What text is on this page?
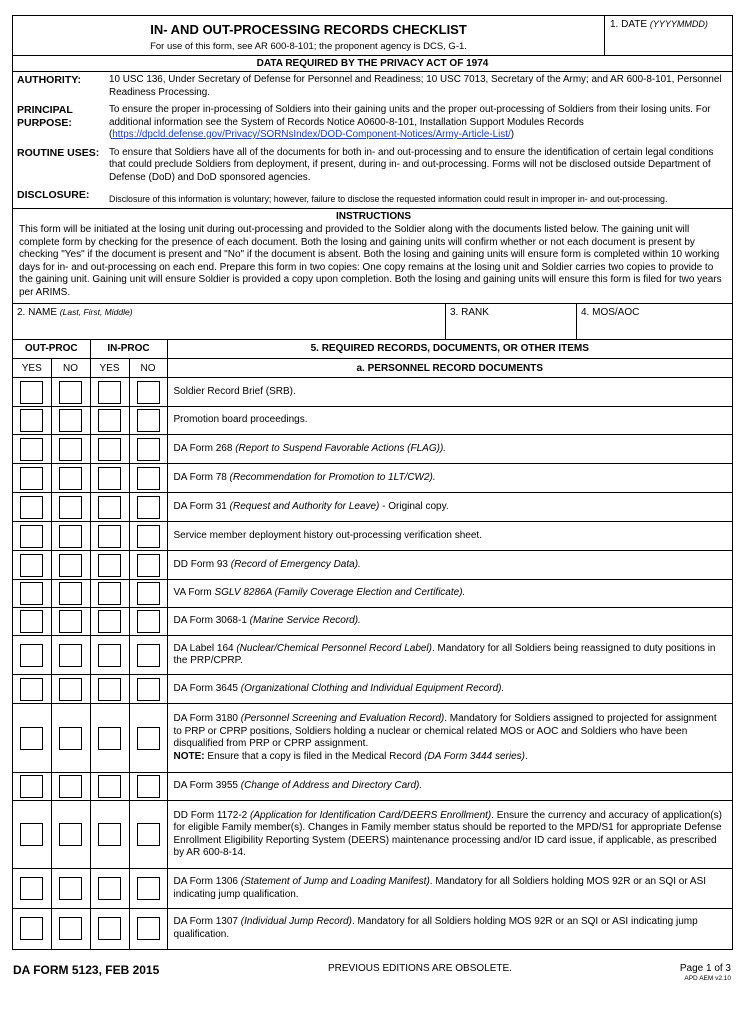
IN- AND OUT-PROCESSING RECORDS CHECKLIST
For use of this form, see AR 600-8-101; the proponent agency is DCS, G-1.
1. DATE (YYYYMMDD)
DATA REQUIRED BY THE PRIVACY ACT OF 1974
AUTHORITY:	10 USC 136, Under Secretary of Defense for Personnel and Readiness; 10 USC 7013, Secretary of the Army; and AR 600-8-101, Personnel Readiness Processing.
PRINCIPAL PURPOSE:
To ensure the proper in-processing of Soldiers into their gaining units and the proper out-processing of Soldiers from their losing units. For additional information see the System of Records Notice A0600-8-101, Installation Support Modules Records (https://dpcld.defense.gov/Privacy/SORNsIndex/DOD-Component-Notices/Army-Article-List/)
ROUTINE USES: To ensure that Soldiers have all of the documents for both in- and out-processing and to ensure the identification of certain legal conditions that could preclude Soldiers from deployment, if present, during in- and out-processing. Forms will not be disclosed outside Department of Defense (DoD) and DoD sponsored agencies.
DISCLOSURE:	Disclosure of this information is voluntary; however, failure to disclose the requested information could result in improper in- and out-processing.
INSTRUCTIONS
This form will be initiated at the losing unit during out-processing and provided to the Soldier along with the documents listed below. The gaining unit will complete form by checking for the presence of each document. Both the losing and gaining units will confirm whether or not each document is present by checking "Yes" if the document is present and "No" if the document is absent. Both the losing and gaining units will ensure form is completed within 10 working days for in- and out-processing on each end. Prepare this form in two copies: One copy remains at the losing unit and Soldier carries two copies to provide to the gaining unit. Gaining unit will ensure Soldier is provided a copy upon completion. Both the losing and gaining units will ensure this form is filed for two years per ARIMS.
2. NAME (Last, First, Middle)	3. RANK	4. MOS/AOC
OUT-PROC		IN-PROC		5. REQUIRED RECORDS, DOCUMENTS, OR OTHER ITEMS
YES	NO	YES	NO	a. PERSONNEL RECORD DOCUMENTS
				Soldier Record Brief (SRB).
				Promotion board proceedings.
				DA Form 268 (Report to Suspend Favorable Actions (FLAG)).
				DA Form 78 (Recommendation for Promotion to 1LT/CW2).
				DA Form 31 (Request and Authority for Leave) - Original copy.
				Service member deployment history out-processing verification sheet.
				DD Form 93 (Record of Emergency Data).
				VA Form SGLV 8286A (Family Coverage Election and Certificate).
				DA Form 3068-1 (Marine Service Record).
				DA Label 164 (Nuclear/Chemical Personnel Record Label). Mandatory for all Soldiers being reassigned to duty positions in the PRP/CPRP.
				DA Form 3645 (Organizational Clothing and Individual Equipment Record).
				DA Form 3180 (Personnel Screening and Evaluation Record). Mandatory for Soldiers assigned to projected for assignment to PRP or CPRP positions, Soldiers holding a nuclear or chemical related MOS or AOC and Soldiers who have been disqualified from PRP or CPRP assignment.
NOTE: Ensure that a copy is filed in the Medical Record (DA Form 3444 series).
				DA Form 3955 (Change of Address and Directory Card).
				DD Form 1172-2 (Application for Identification Card/DEERS Enrollment). Ensure the currency and accuracy of application(s) for eligible Family member(s). Changes in Family member status should be reported to the MPD/S1 for appropriate Defense Enrollment Eligibility Reporting System (DEERS) maintenance processing and/or ID card issue, if applicable, as prescribed by AR 600-8-14.
				DA Form 1306 (Statement of Jump and Loading Manifest). Mandatory for all Soldiers holding MOS 92R or an SQI or ASI indicating jump qualification.
				DA Form 1307 (Individual Jump Record). Mandatory for all Soldiers holding MOS 92R or an SQI or ASI indicating jump qualification.
DA FORM 5123, FEB 2015	PREVIOUS EDITIONS ARE OBSOLETE.	Page 1 of 3
APD AEM v2.10
